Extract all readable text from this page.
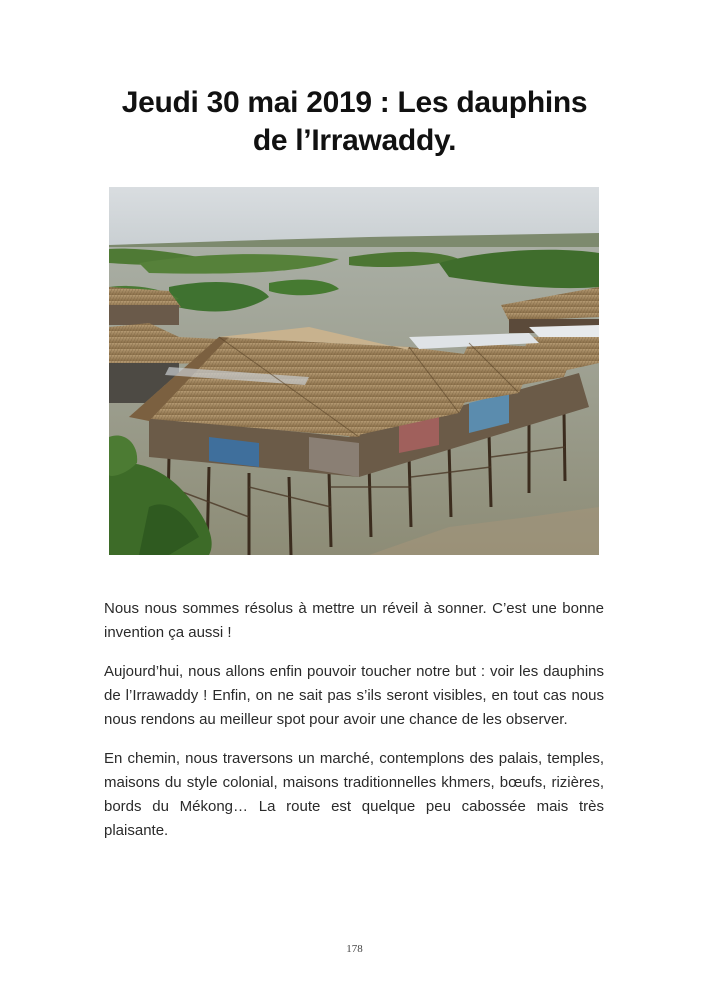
Jeudi 30 mai 2019 : Les dauphins
de l’Irrawaddy.

Nous nous sommes résolus à mettre un réveil à sonner. C’est une bonne invention ça aussi !

Aujourd’hui, nous allons enfin pouvoir toucher notre but : voir les dauphins de l’Irrawaddy ! Enfin, on ne sait pas s’ils seront visibles, en tout cas nous nous rendons au meilleur spot pour avoir une chance de les observer.

En chemin, nous traversons un marché, contemplons des palais, temples, maisons du style colonial, maisons traditionnelles khmers, bœufs, rizières, bords du Mékong… La route est quelque peu cabossée mais très plaisante.

178
